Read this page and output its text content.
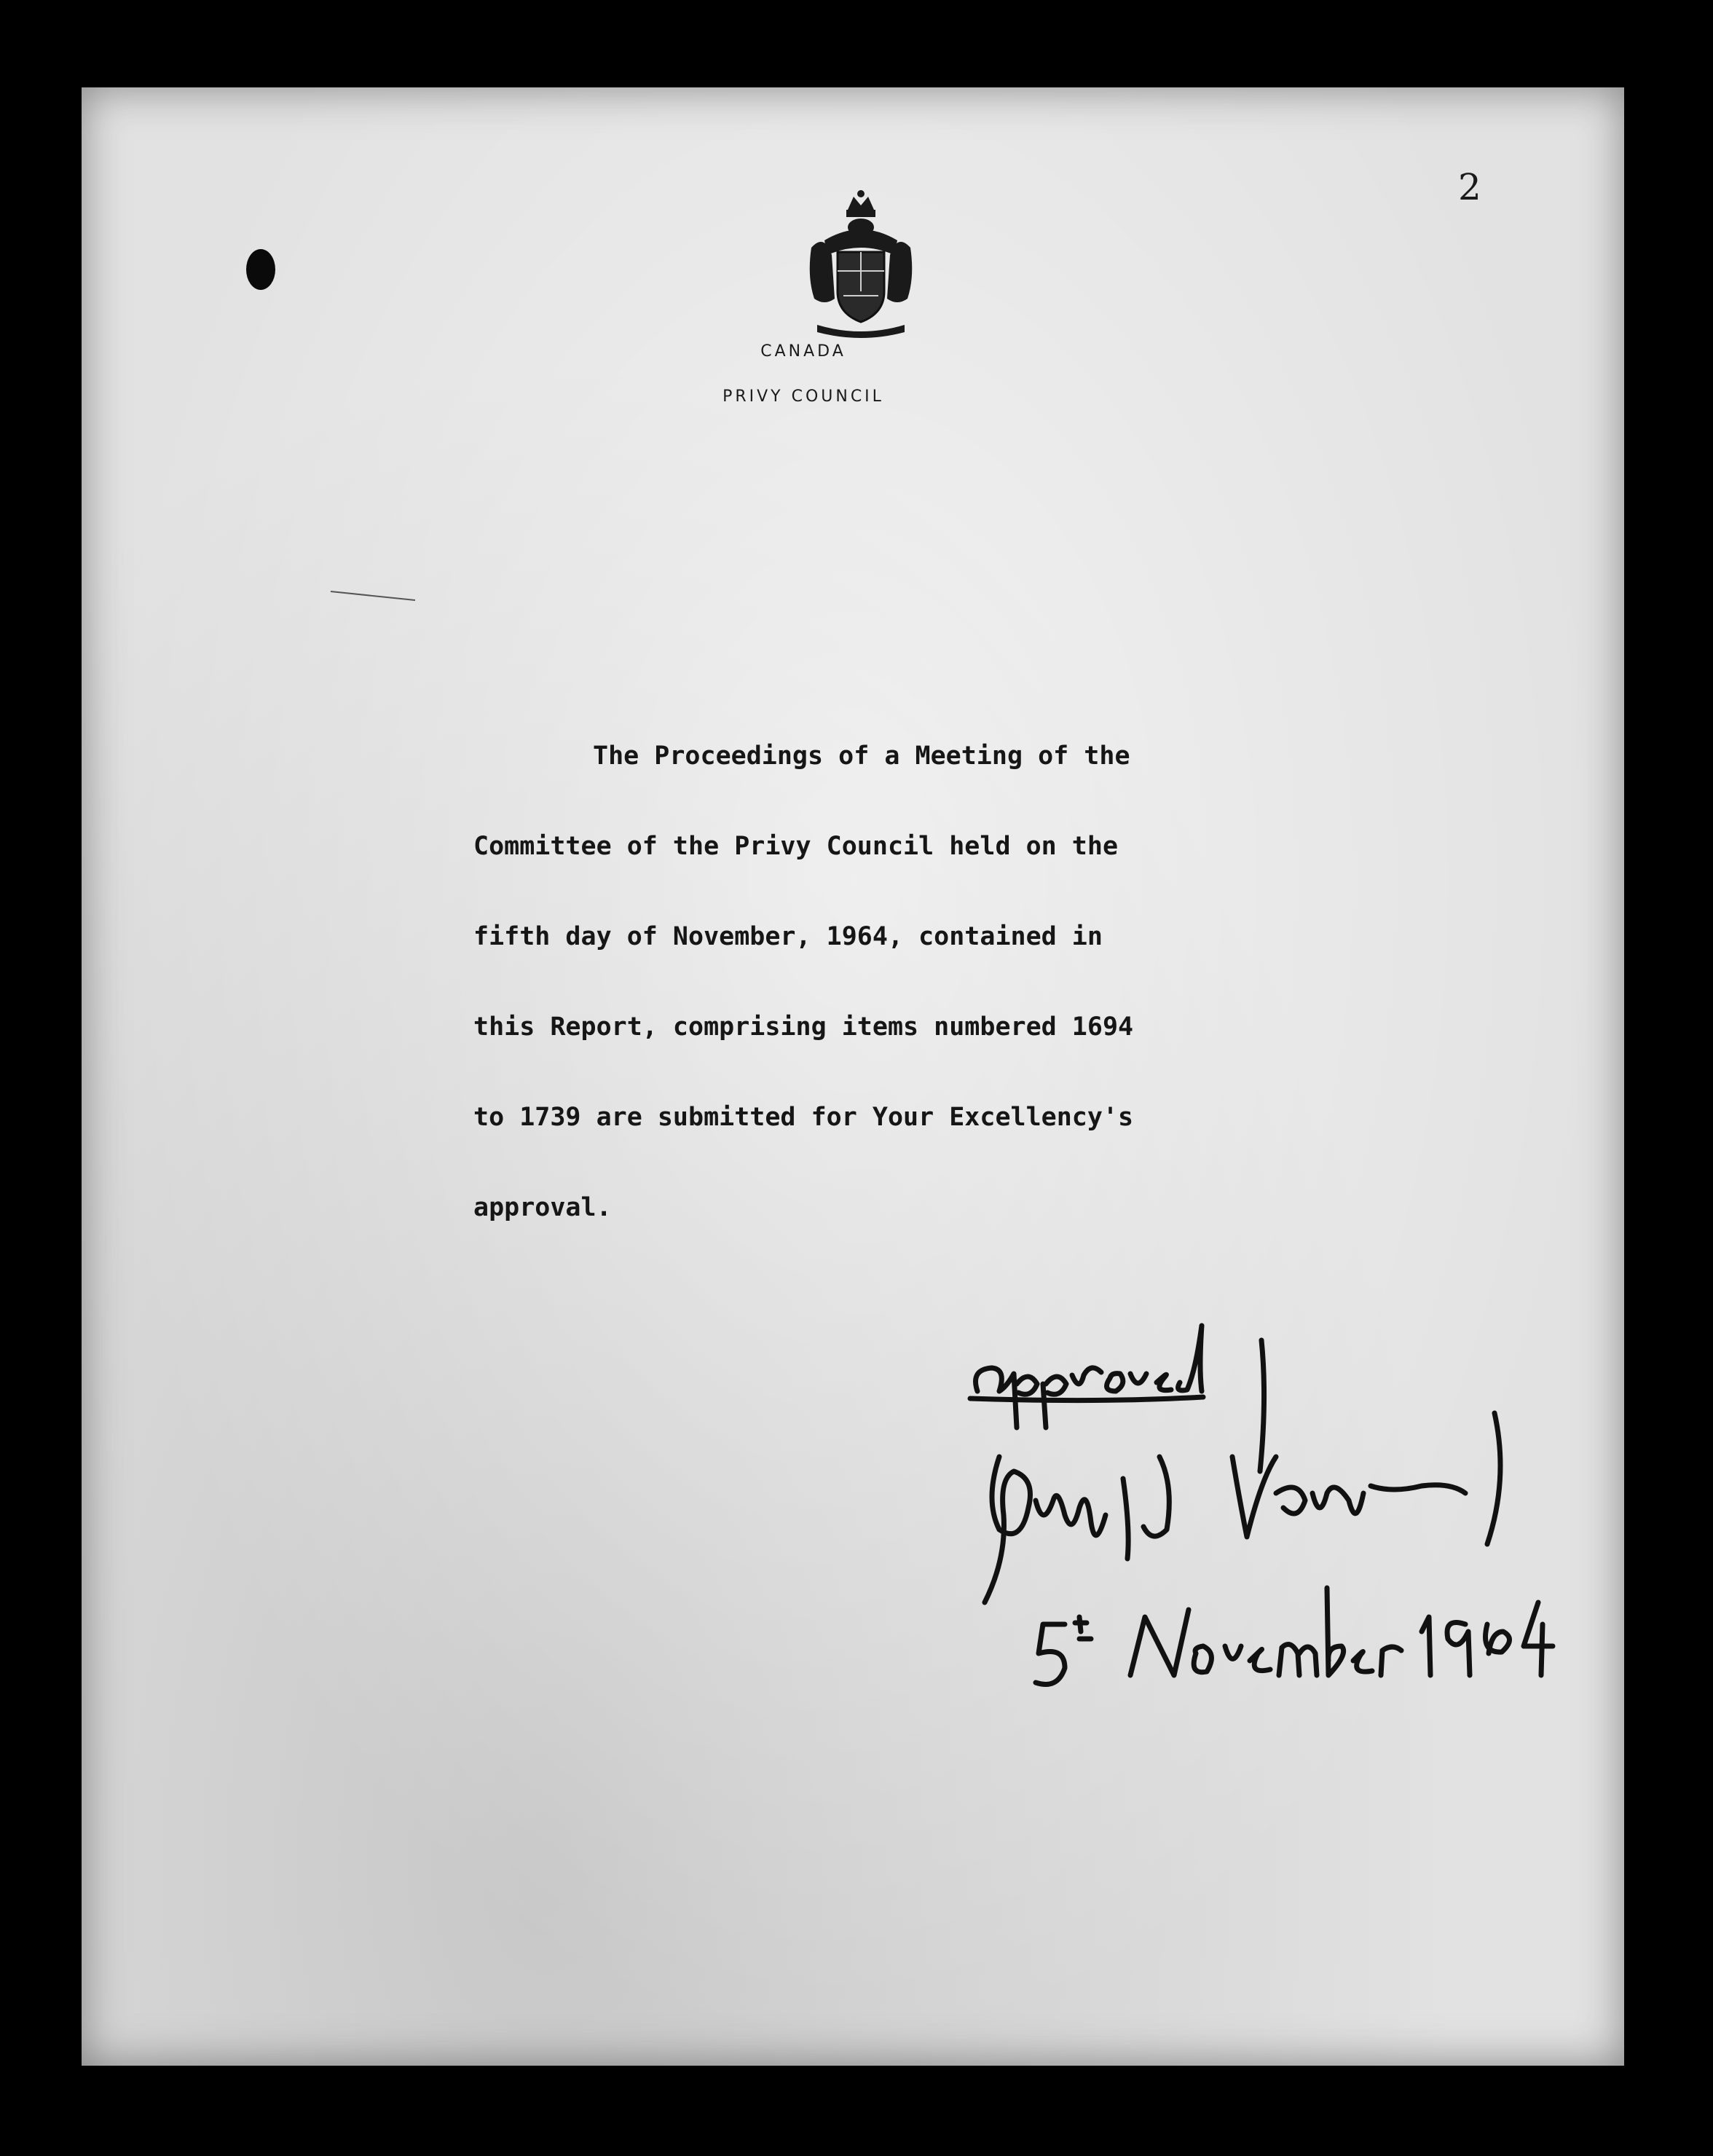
2
CANADA
PRIVY COUNCIL
The Proceedings of a Meeting of the
Committee of the Privy Council held on the
fifth day of November, 1964, contained in
this Report, comprising items numbered 1694
to 1739 are submitted for Your Excellency's
approval.
